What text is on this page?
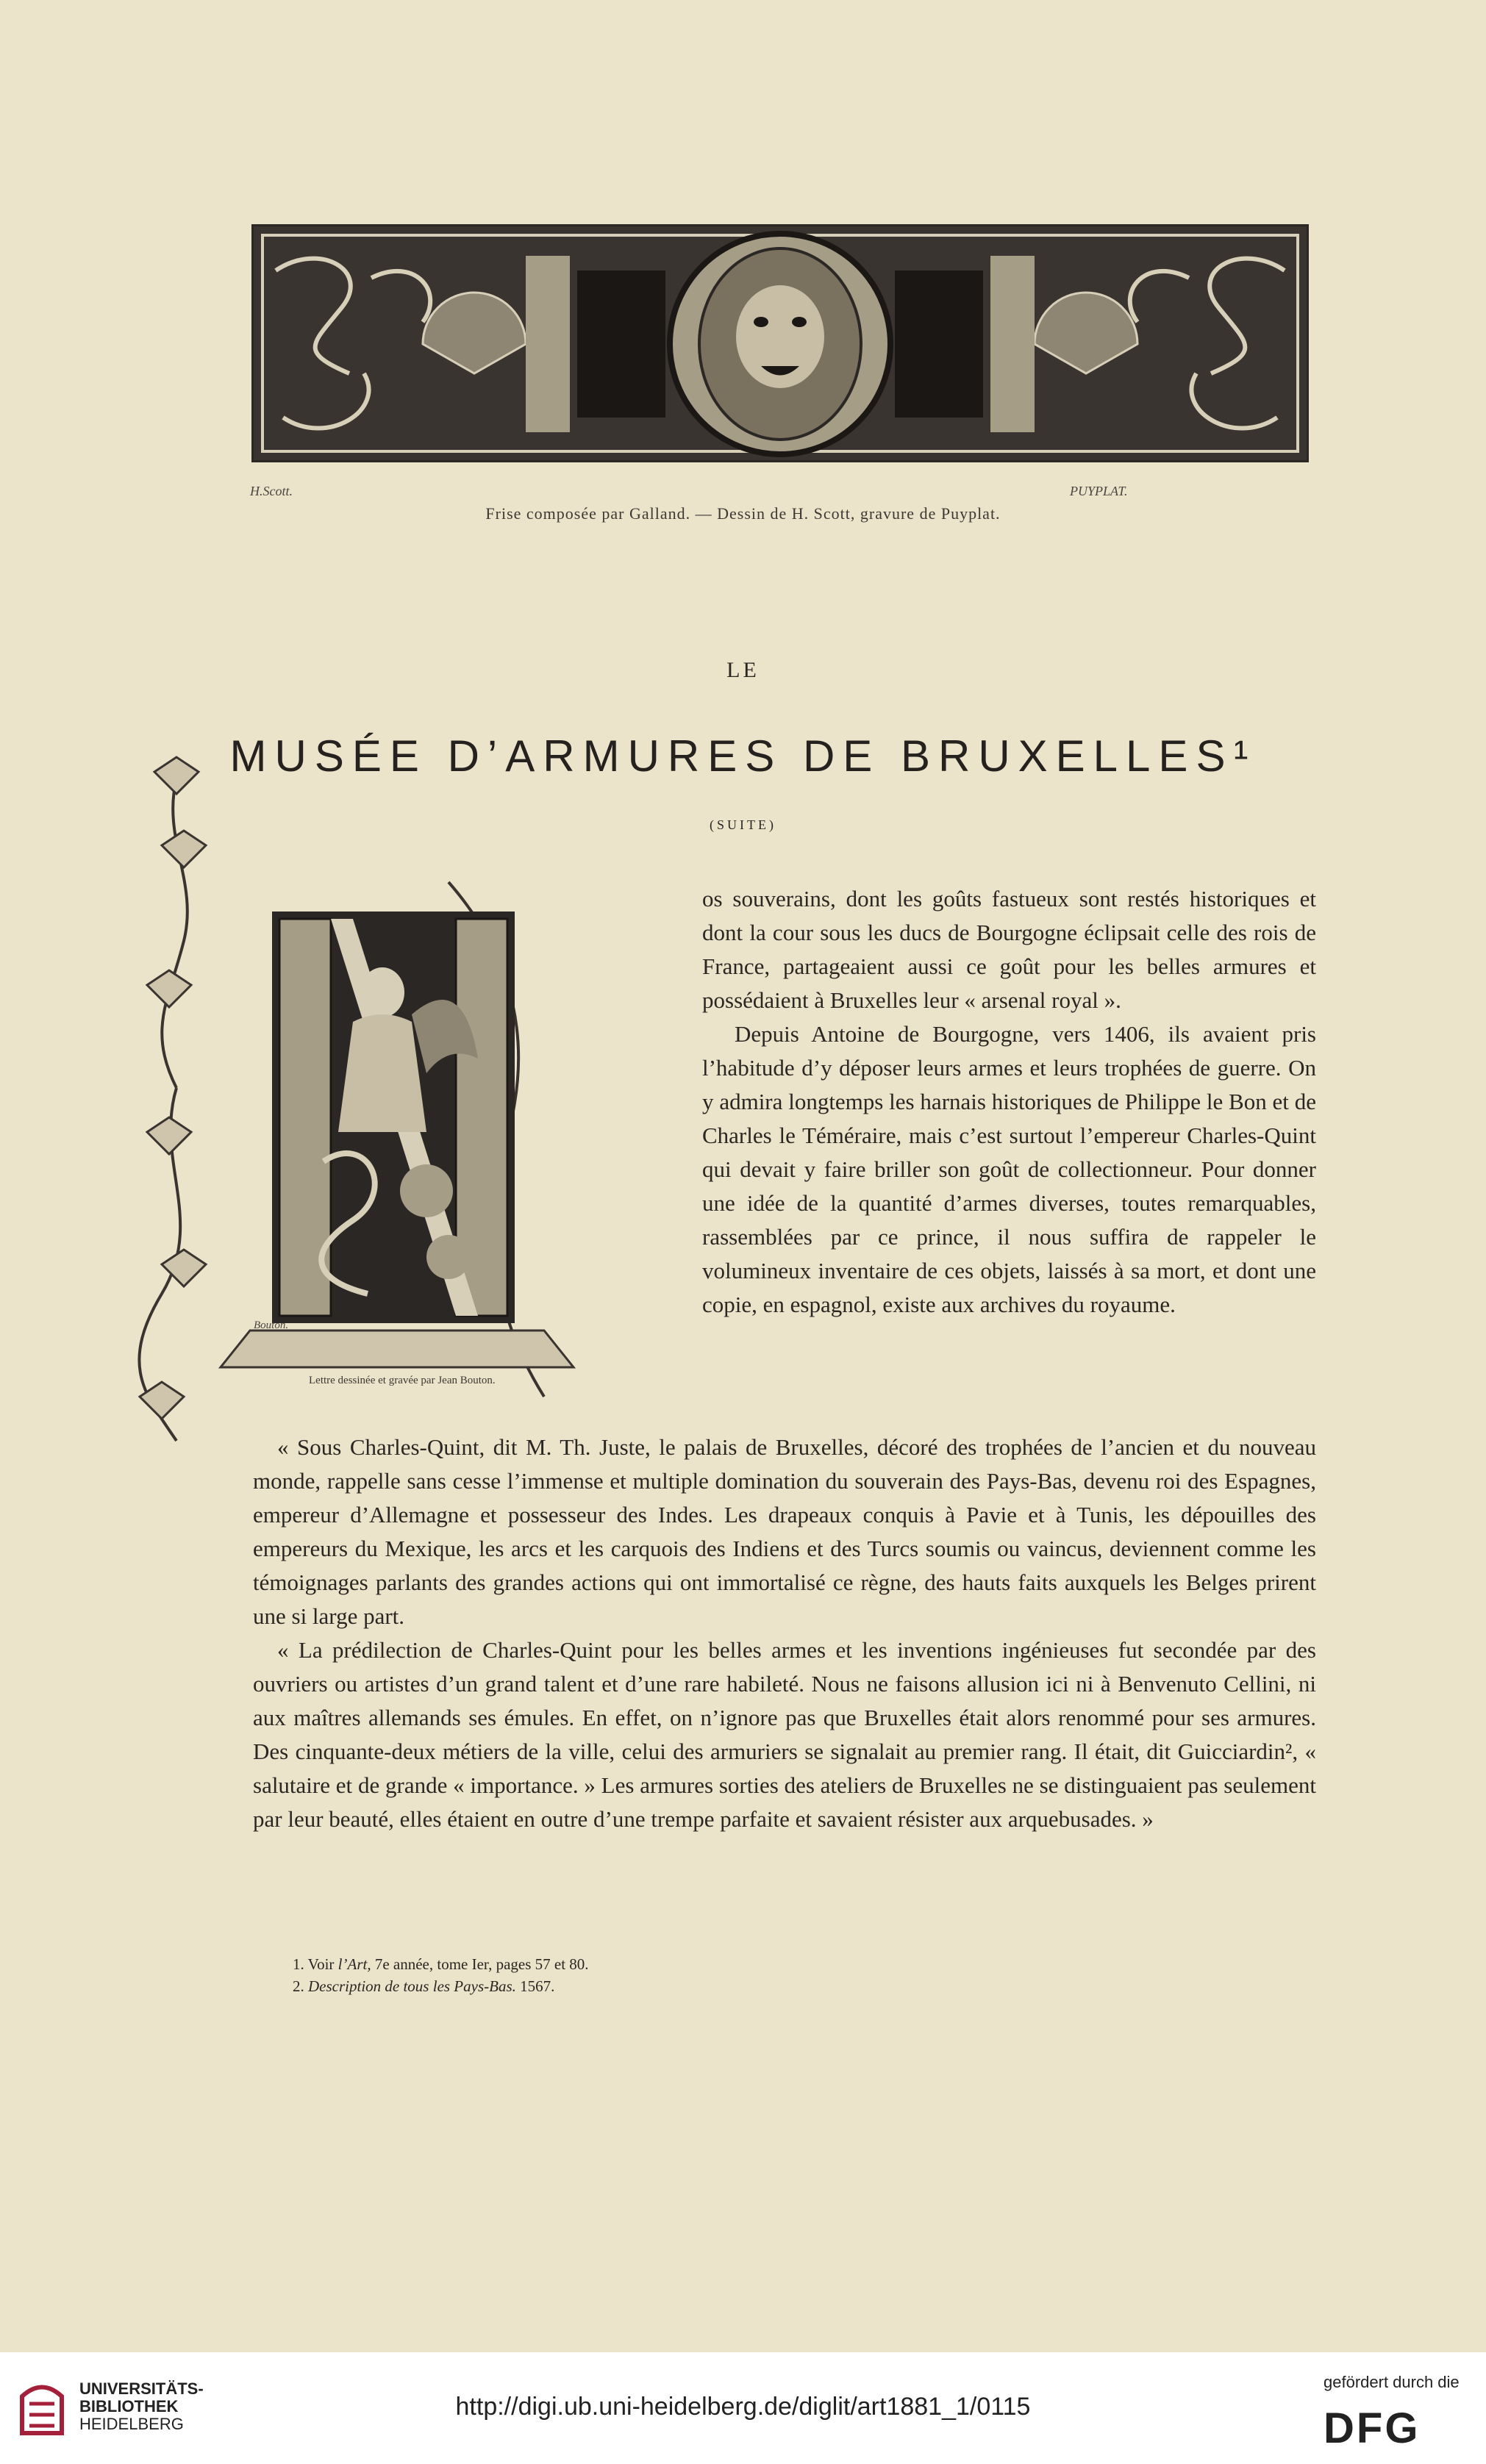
H.Scott.	PUYPLAT.
Frise composée par Galland. — Dessin de H. Scott, gravure de Puyplat.
LE
MUSÉE D’ARMURES DE BRUXELLES¹
(SUITE)
Bouton.
Lettre dessinée et gravée par Jean Bouton.

os souverains, dont les goûts fastueux sont restés historiques et dont la cour sous les ducs de Bourgogne éclipsait celle des rois de France, partageaient aussi ce goût pour les belles armures et possédaient à Bruxelles leur « arsenal royal ».

Depuis Antoine de Bourgogne, vers 1406, ils avaient pris l’habitude d’y déposer leurs armes et leurs trophées de guerre. On y admira longtemps les harnais historiques de Philippe le Bon et de Charles le Téméraire, mais c’est surtout l’empereur Charles-Quint qui devait y faire briller son goût de collectionneur. Pour donner une idée de la quantité d’armes diverses, toutes remarquables, rassemblées par ce prince, il nous suffira de rappeler le volumineux inventaire de ces objets, laissés à sa mort, et dont une copie, en espagnol, existe aux archives du royaume.

« Sous Charles-Quint, dit M. Th. Juste, le palais de Bruxelles, décoré des trophées de l’ancien et du nouveau monde, rappelle sans cesse l’immense et multiple domination du souverain des Pays-Bas, devenu roi des Espagnes, empereur d’Allemagne et possesseur des Indes. Les drapeaux conquis à Pavie et à Tunis, les dépouilles des empereurs du Mexique, les arcs et les carquois des Indiens et des Turcs soumis ou vaincus, deviennent comme les témoignages parlants des grandes actions qui ont immortalisé ce règne, des hauts faits auxquels les Belges prirent une si large part.

« La prédilection de Charles-Quint pour les belles armes et les inventions ingénieuses fut secondée par des ouvriers ou artistes d’un grand talent et d’une rare habileté. Nous ne faisons allusion ici ni à Benvenuto Cellini, ni aux maîtres allemands ses émules. En effet, on n’ignore pas que Bruxelles était alors renommé pour ses armures. Des cinquante-deux métiers de la ville, celui des armuriers se signalait au premier rang. Il était, dit Guicciardin², « salutaire et de grande « importance. » Les armures sorties des ateliers de Bruxelles ne se distinguaient pas seulement par leur beauté, elles étaient en outre d’une trempe parfaite et savaient résister aux arquebusades. »

1. Voir l’Art, 7e année, tome Ier, pages 57 et 80.
2. Description de tous les Pays-Bas. 1567.
UNIVERSITÄTS-
BIBLIOTHEK
HEIDELBERG
http://digi.ub.uni-heidelberg.de/diglit/art1881_1/0115
gefördert durch die
DFG
